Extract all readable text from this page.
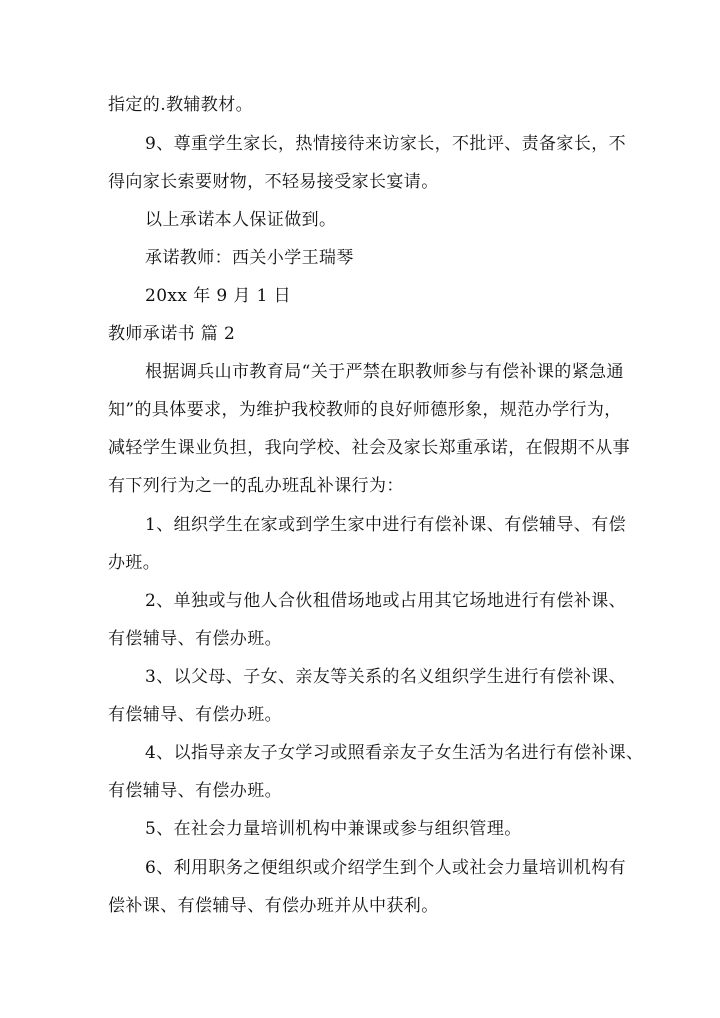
指定的.教辅教材。
9、尊重学生家长，热情接待来访家长，不批评、责备家长，不
得向家长索要财物，不轻易接受家长宴请。
以上承诺本人保证做到。
承诺教师：西关小学王瑞琴
20xx 年 9 月 1 日
教师承诺书 篇 2
根据调兵山市教育局“关于严禁在职教师参与有偿补课的紧急通
知”的具体要求，为维护我校教师的良好师德形象，规范办学行为，
减轻学生课业负担，我向学校、社会及家长郑重承诺，在假期不从事
有下列行为之一的乱办班乱补课行为：
1、组织学生在家或到学生家中进行有偿补课、有偿辅导、有偿
办班。
2、单独或与他人合伙租借场地或占用其它场地进行有偿补课、
有偿辅导、有偿办班。
3、以父母、子女、亲友等关系的名义组织学生进行有偿补课、
有偿辅导、有偿办班。
4、以指导亲友子女学习或照看亲友子女生活为名进行有偿补课、
有偿辅导、有偿办班。
5、在社会力量培训机构中兼课或参与组织管理。
6、利用职务之便组织或介绍学生到个人或社会力量培训机构有
偿补课、有偿辅导、有偿办班并从中获利。
